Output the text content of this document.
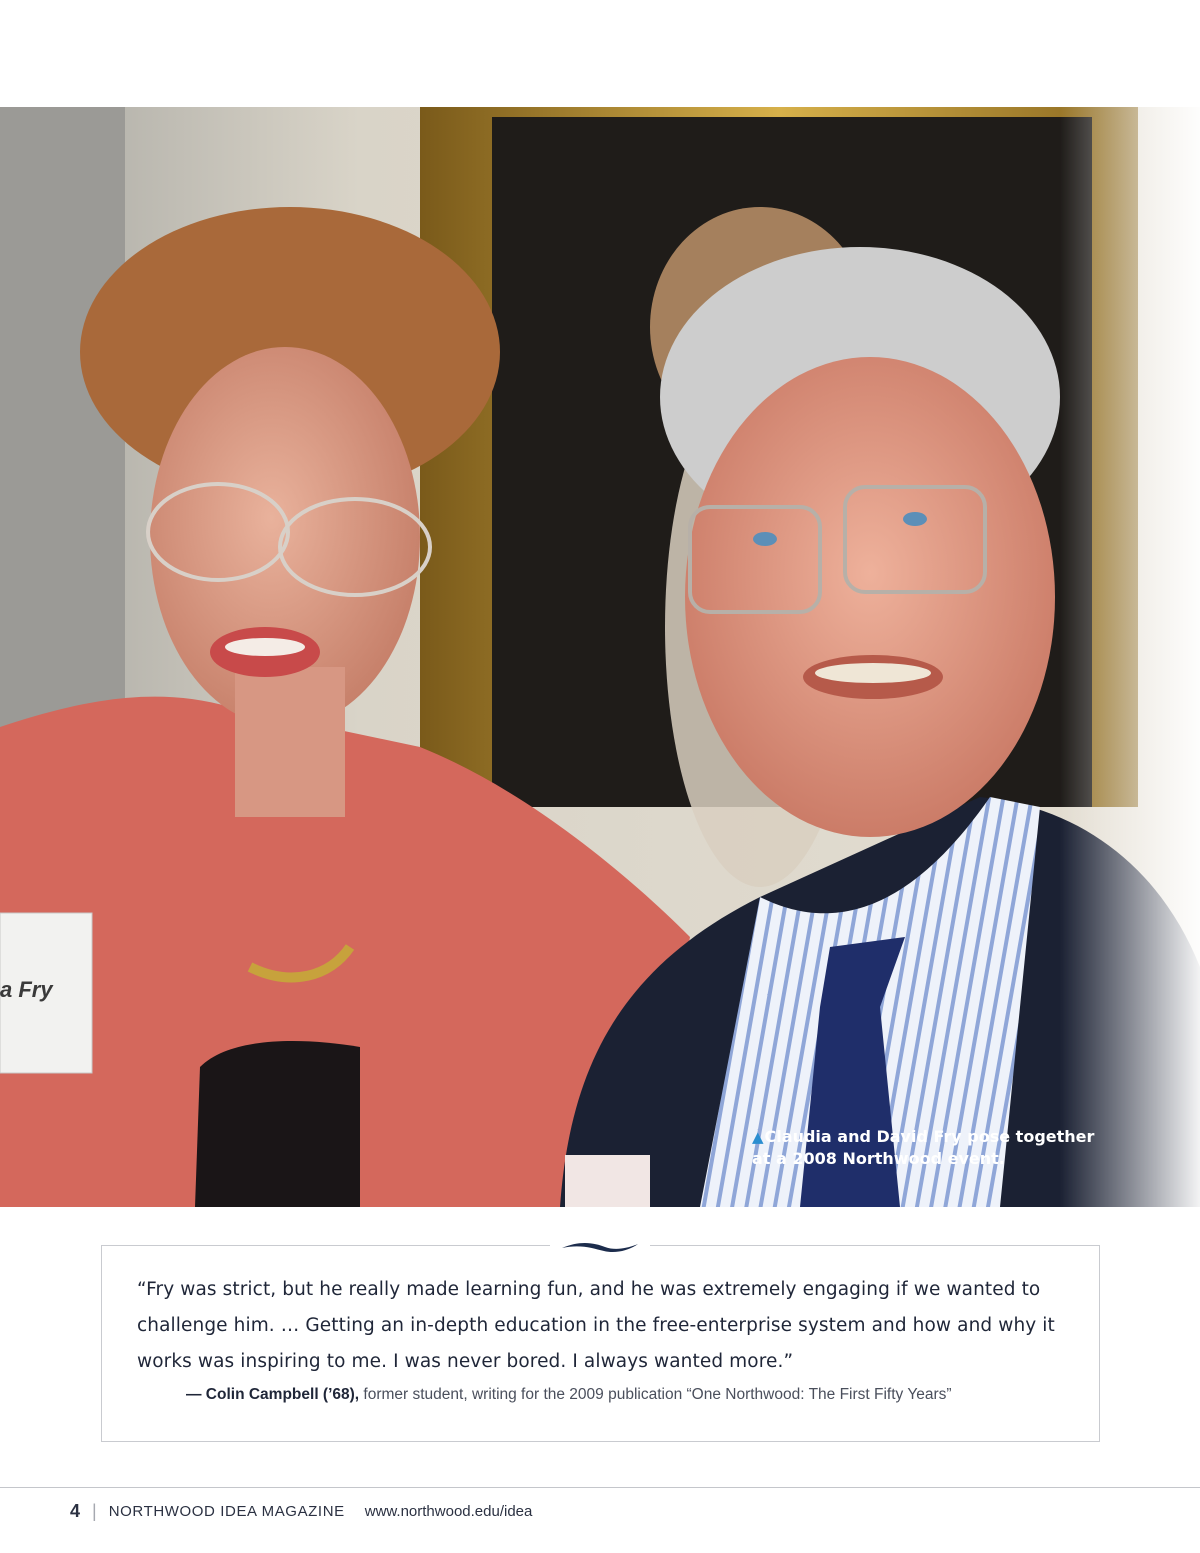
a Fry
▲Claudia and David Fry pose together
at a 2008 Northwood event.
“Fry was strict, but he really made learning fun, and he was extremely engaging if we wanted to challenge him. … Getting an in-depth education in the free-enterprise system and how and why it works was inspiring to me. I was never bored. I always wanted more.”
— Colin Campbell (’68), former student, writing for the 2009 publication “One Northwood: The First Fifty Years”
4 | NORTHWOOD IDEA MAGAZINE www.northwood.edu/idea
